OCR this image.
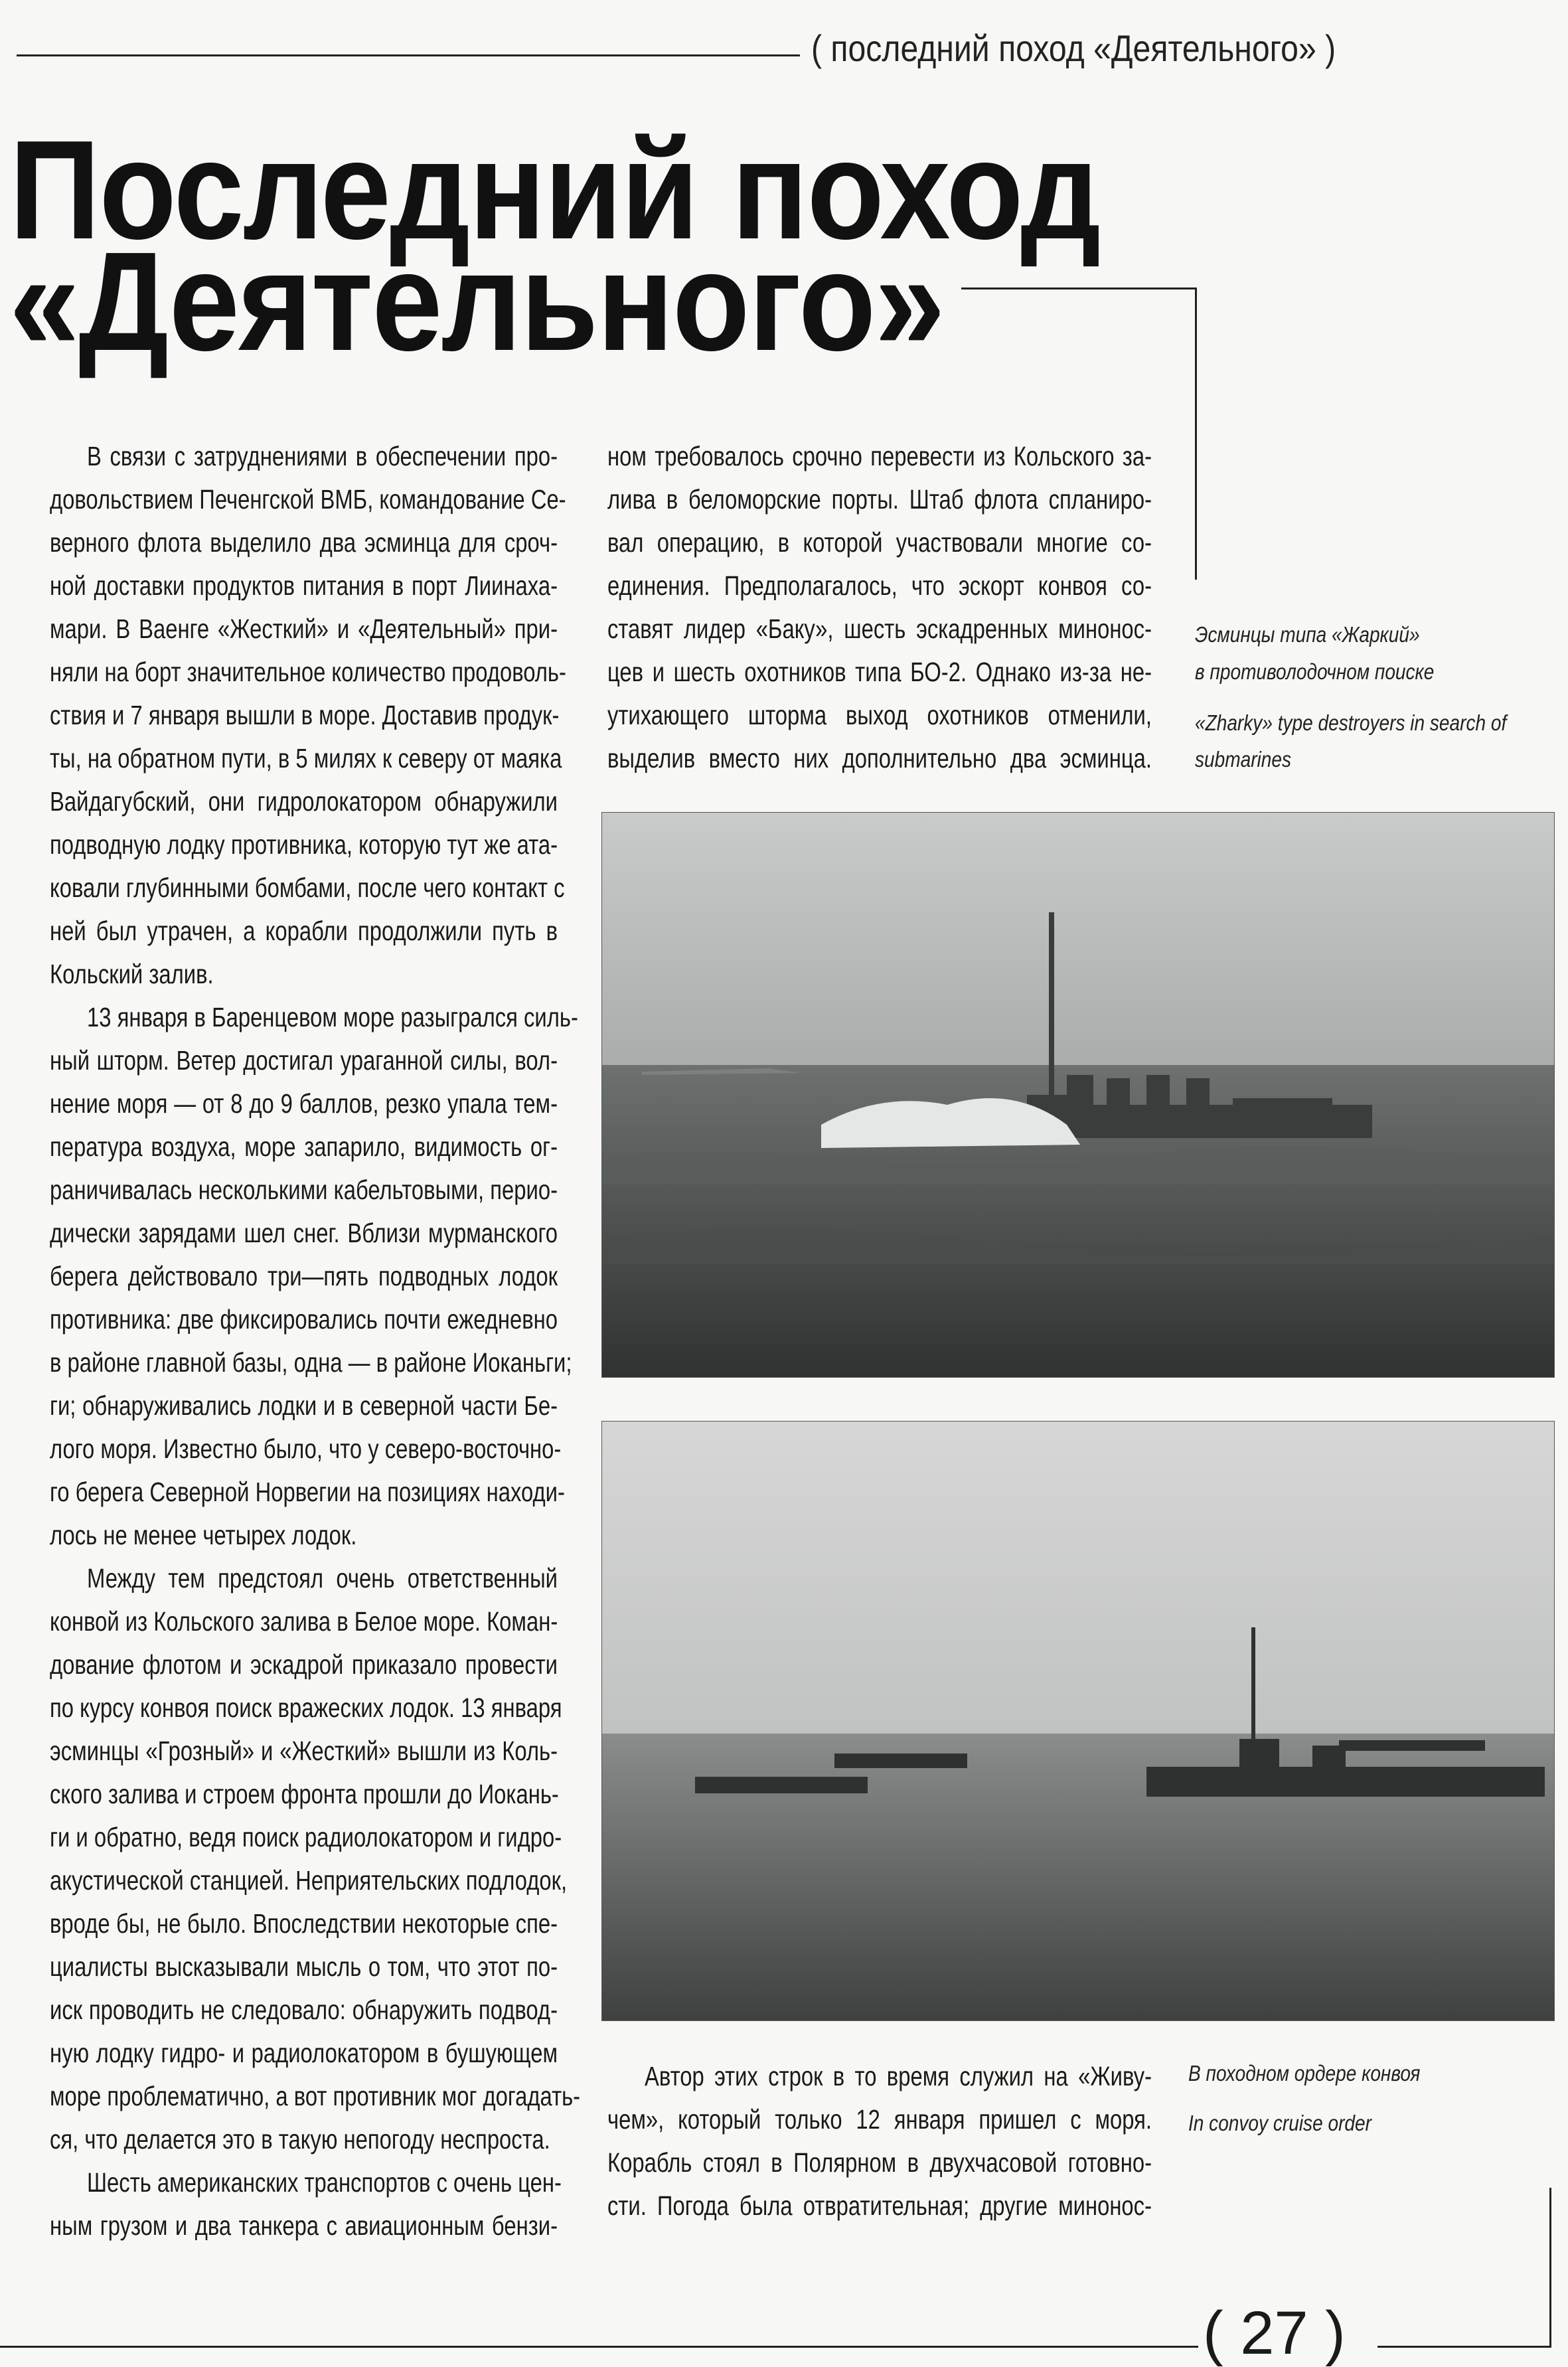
( последний поход «Деятельного» )
Последний поход
«Деятельного»
В связи с затруднениями в обеспечении про-
довольствием Печенгской ВМБ, командование Се-
верного флота выделило два эсминца для сроч-
ной доставки продуктов питания в порт Лиинаха-
мари. В Ваенге «Жесткий» и «Деятельный» при-
няли на борт значительное количество продоволь-
ствия и 7 января вышли в море. Доставив продук-
ты, на обратном пути, в 5 милях к северу от маяка
Вайдагубский, они гидролокатором обнаружили
подводную лодку противника, которую тут же ата-
ковали глубинными бомбами, после чего контакт с
ней был утрачен, а корабли продолжили путь в
Кольский залив.
13 января в Баренцевом море разыгрался силь-
ный шторм. Ветер достигал ураганной силы, вол-
нение моря — от 8 до 9 баллов, резко упала тем-
пература воздуха, море запарило, видимость ог-
раничивалась несколькими кабельтовыми, перио-
дически зарядами шел снег. Вблизи мурманского
берега действовало три—пять подводных лодок
противника: две фиксировались почти ежедневно
в районе главной базы, одна — в районе Иоканьги;
ги; обнаруживались лодки и в северной части Бе-
лого моря. Известно было, что у северо-восточно-
го берега Северной Норвегии на позициях находи-
лось не менее четырех лодок.
Между тем предстоял очень ответственный
конвой из Кольского залива в Белое море. Коман-
дование флотом и эскадрой приказало провести
по курсу конвоя поиск вражеских лодок. 13 января
эсминцы «Грозный» и «Жесткий» вышли из Коль-
ского залива и строем фронта прошли до Иокань-
ги и обратно, ведя поиск радиолокатором и гидро-
акустической станцией. Неприятельских подлодок,
вроде бы, не было. Впоследствии некоторые спе-
циалисты высказывали мысль о том, что этот по-
иск проводить не следовало: обнаружить подвод-
ную лодку гидро- и радиолокатором в бушующем
море проблематично, а вот противник мог догадать-
ся, что делается это в такую непогоду неспроста.
Шесть американских транспортов с очень цен-
ным грузом и два танкера с авиационным бензи-
ном требовалось срочно перевести из Кольского за-
лива в беломорские порты. Штаб флота спланиро-
вал операцию, в которой участвовали многие со-
единения. Предполагалось, что эскорт конвоя со-
ставят лидер «Баку», шесть эскадренных минонос-
цев и шесть охотников типа БО-2. Однако из-за не-
утихающего шторма выход охотников отменили,
выделив вместо них дополнительно два эсминца.
Автор этих строк в то время служил на «Живу-
чем», который только 12 января пришел с моря.
Корабль стоял в Полярном в двухчасовой готовно-
сти. Погода была отвратительная; другие минонос-
Эсминцы типа «Жаркий»
в противолодочном поиске
«Zharky» type destroyers in search of
submarines
В походном ордере конвоя
In convoy cruise order
( 27 )
